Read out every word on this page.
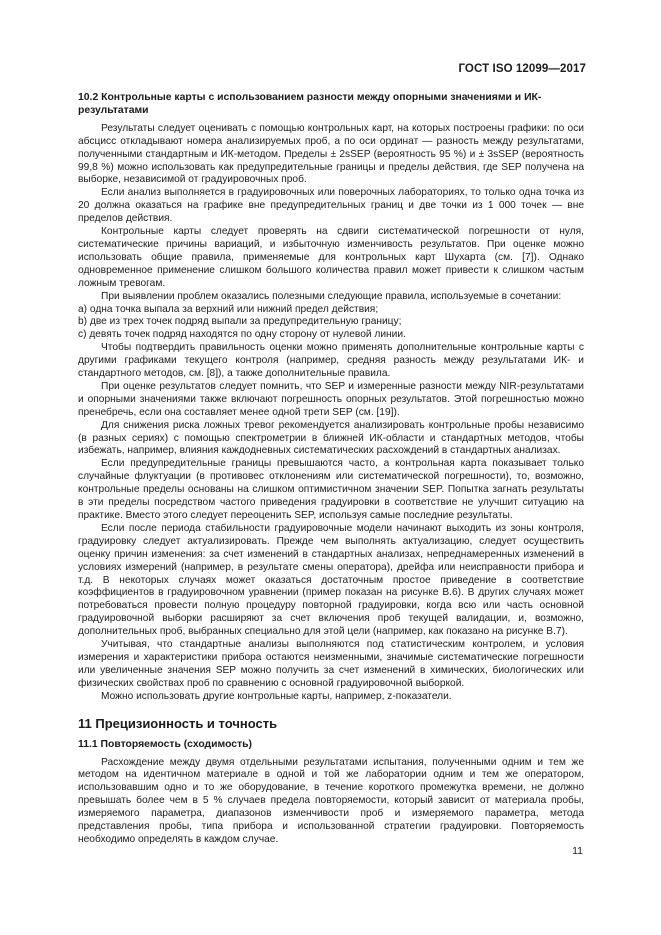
ГОСТ ISO 12099—2017

10.2 Контрольные карты с использованием разности между опорными значениями и ИК-результатами

Результаты следует оценивать с помощью контрольных карт, на которых построены графики: по оси абсцисс откладывают номера анализируемых проб, а по оси ординат — разность между результатами, полученными стандартным и ИК-методом. Пределы ± 2sSEP (вероятность 95 %) и ± 3sSEP (вероятность 99,8 %) можно использовать как предупредительные границы и пределы действия, где SEP получена на выборке, независимой от градуировочных проб.

Если анализ выполняется в градуировочных или поверочных лабораториях, то только одна точка из 20 должна оказаться на графике вне предупредительных границ и две точки из 1 000 точек — вне пределов действия.

Контрольные карты следует проверять на сдвиги систематической погрешности от нуля, систематические причины вариаций, и избыточную изменчивость результатов. При оценке можно использовать общие правила, применяемые для контрольных карт Шухарта (см. [7]). Однако одновременное применение слишком большого количества правил может привести к слишком частым ложным тревогам.

При выявлении проблем оказались полезными следующие правила, используемые в сочетании:

а) одна точка выпала за верхний или нижний предел действия;

b) две из трех точек подряд выпали за предупредительную границу;

с) девять точек подряд находятся по одну сторону от нулевой линии.

Чтобы подтвердить правильность оценки можно применять дополнительные контрольные карты с другими графиками текущего контроля (например, средняя разность между результатами ИК- и стандартного методов, см. [8]), а также дополнительные правила.

При оценке результатов следует помнить, что SEP и измеренные разности между NIR-результатами и опорными значениями также включают погрешность опорных результатов. Этой погрешностью можно пренебречь, если она составляет менее одной трети SEP (см. [19]).

Для снижения риска ложных тревог рекомендуется анализировать контрольные пробы независимо (в разных сериях) с помощью спектрометрии в ближней ИК-области и стандартных методов, чтобы избежать, например, влияния каждодневных систематических расхождений в стандартных анализах.

Если предупредительные границы превышаются часто, а контрольная карта показывает только случайные флуктуации (в противовес отклонениям или систематической погрешности), то, возможно, контрольные пределы основаны на слишком оптимистичном значении SEP. Попытка загнать результаты в эти пределы посредством частого приведения градуировки в соответствие не улучшит ситуацию на практике. Вместо этого следует переоценить SEP, используя самые последние результаты.

Если после периода стабильности градуировочные модели начинают выходить из зоны контроля, градуировку следует актуализировать. Прежде чем выполнять актуализацию, следует осуществить оценку причин изменения: за счет изменений в стандартных анализах, непреднамеренных изменений в условиях измерений (например, в результате смены оператора), дрейфа или неисправности прибора и т.д. В некоторых случаях может оказаться достаточным простое приведение в соответствие коэффициентов в градуировочном уравнении (пример показан на рисунке В.6). В других случаях может потребоваться провести полную процедуру повторной градуировки, когда всю или часть основной градуировочной выборки расширяют за счет включения проб текущей валидации, и, возможно, дополнительных проб, выбранных специально для этой цели (например, как показано на рисунке В.7).

Учитывая, что стандартные анализы выполняются под статистическим контролем, и условия измерения и характеристики прибора остаются неизменными, значимые систематические погрешности или увеличенные значения SEP можно получить за счет изменений в химических, биологических или физических свойствах проб по сравнению с основной градуировочной выборкой.

Можно использовать другие контрольные карты, например, z-показатели.

11 Прецизионность и точность

11.1 Повторяемость (сходимость)

Расхождение между двумя отдельными результатами испытания, полученными одним и тем же методом на идентичном материале в одной и той же лаборатории одним и тем же оператором, использовавшим одно и то же оборудование, в течение короткого промежутка времени, не должно превышать более чем в 5 % случаев предела повторяемости, который зависит от материала пробы, измеряемого параметра, диапазонов изменчивости проб и измеряемого параметра, метода представления пробы, типа прибора и использованной стратегии градуировки. Повторяемость необходимо определять в каждом случае.

11
